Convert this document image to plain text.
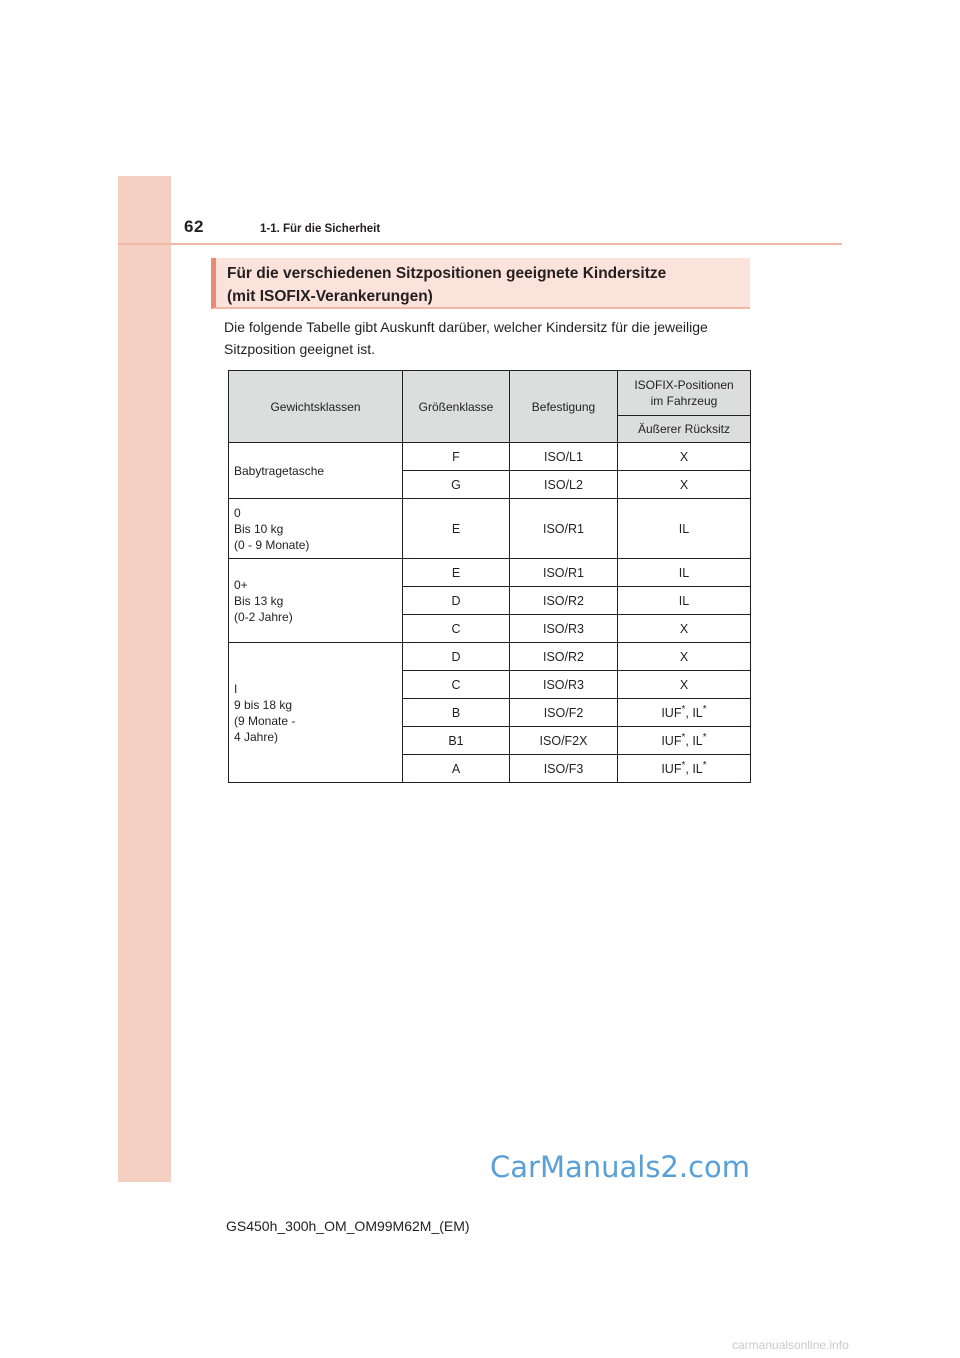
62	1-1. Für die Sicherheit
Für die verschiedenen Sitzpositionen geeignete Kindersitze
(mit ISOFIX-Verankerungen)
Die folgende Tabelle gibt Auskunft darüber, welcher Kindersitz für die jeweilige
Sitzposition geeignet ist.
Gewichtsklassen	Größenklasse	Befestigung	ISOFIX-Positionen
im Fahrzeug

			Äußerer Rücksitz

Babytragetasche	F	ISO/L1	X
	G	ISO/L2	X

0
Bis 10 kg
(0 - 9 Monate)	E	ISO/R1	IL

0+
Bis 13 kg
(0-2 Jahre)	E	ISO/R1	IL
	D	ISO/R2	IL
	C	ISO/R3	X

I
9 bis 18 kg
(9 Monate -
4 Jahre)	D	ISO/R2	X
	C	ISO/R3	X
	B	ISO/F2	IUF*, IL*
	B1	ISO/F2X	IUF*, IL*
	A	ISO/F3	IUF*, IL*
CarManuals2.com
GS450h_300h_OM_OM99M62M_(EM)
carmanualsonline.info
